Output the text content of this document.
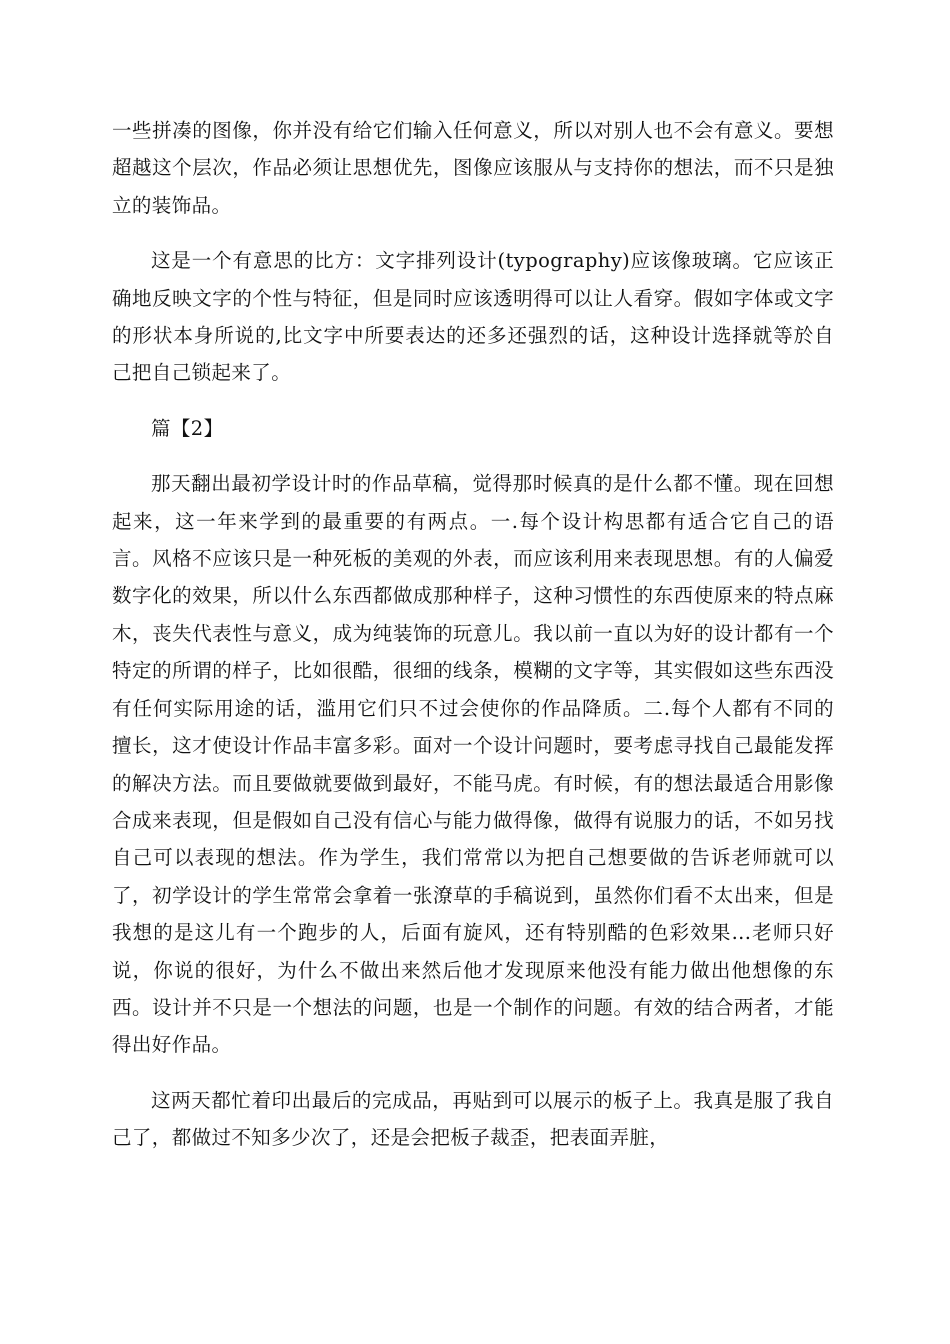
一些拼凑的图像，你并没有给它们输入任何意义，所以对别人也不会有意义。要想超越这个层次，作品必须让思想优先，图像应该服从与支持你的想法，而不只是独立的装饰品。

这是一个有意思的比方：文字排列设计(typography)应该像玻璃。它应该正确地反映文字的个性与特征，但是同时应该透明得可以让人看穿。假如字体或文字的形状本身所说的,比文字中所要表达的还多还强烈的话，这种设计选择就等於自己把自己锁起来了。

篇【2】

那天翻出最初学设计时的作品草稿，觉得那时候真的是什么都不懂。现在回想起来，这一年来学到的最重要的有两点。一.每个设计构思都有适合它自己的语言。风格不应该只是一种死板的美观的外表，而应该利用来表现思想。有的人偏爱数字化的效果，所以什么东西都做成那种样子，这种习惯性的东西使原来的特点麻木，丧失代表性与意义，成为纯装饰的玩意儿。我以前一直以为好的设计都有一个特定的所谓的样子，比如很酷，很细的线条，模糊的文字等，其实假如这些东西没有任何实际用途的话，滥用它们只不过会使你的作品降质。二.每个人都有不同的擅长，这才使设计作品丰富多彩。面对一个设计问题时，要考虑寻找自己最能发挥的解决方法。而且要做就要做到最好，不能马虎。有时候，有的想法最适合用影像合成来表现，但是假如自己没有信心与能力做得像，做得有说服力的话，不如另找自己可以表现的想法。作为学生，我们常常以为把自己想要做的告诉老师就可以了，初学设计的学生常常会拿着一张潦草的手稿说到，虽然你们看不太出来，但是我想的是这儿有一个跑步的人，后面有旋风，还有特别酷的色彩效果...老师只好说，你说的很好，为什么不做出来然后他才发现原来他没有能力做出他想像的东西。设计并不只是一个想法的问题，也是一个制作的问题。有效的结合两者，才能得出好作品。

这两天都忙着印出最后的完成品，再贴到可以展示的板子上。我真是服了我自己了，都做过不知多少次了，还是会把板子裁歪，把表面弄脏，
